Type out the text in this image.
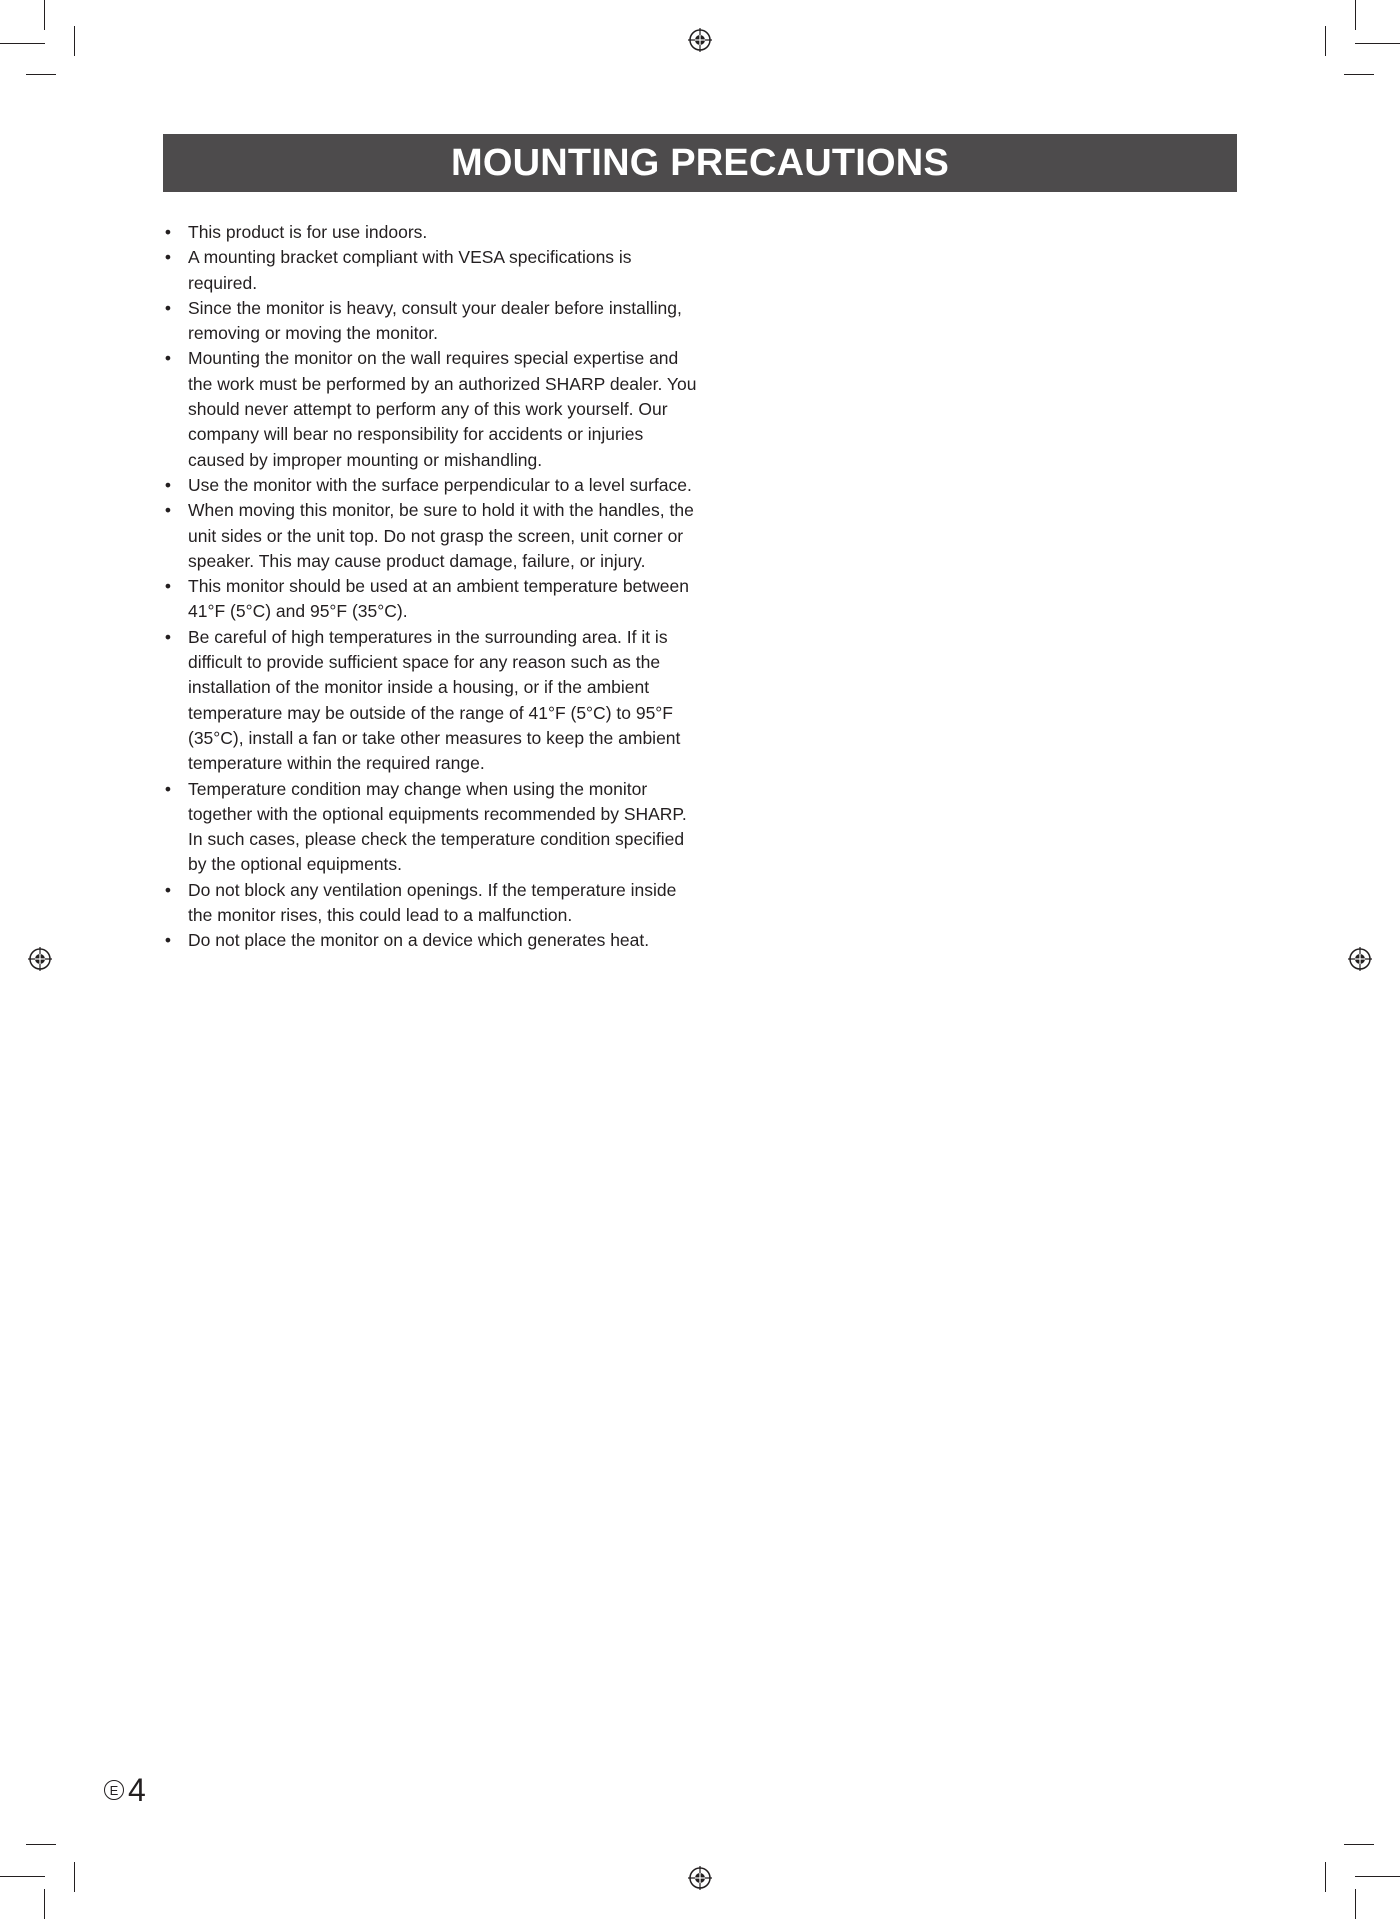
MOUNTING PRECAUTIONS
• This product is for use indoors.
• A mounting bracket compliant with VESA specifications is required.
• Since the monitor is heavy, consult your dealer before installing, removing or moving the monitor.
• Mounting the monitor on the wall requires special expertise and the work must be performed by an authorized SHARP dealer. You should never attempt to perform any of this work yourself. Our company will bear no responsibility for accidents or injuries caused by improper mounting or mishandling.
• Use the monitor with the surface perpendicular to a level surface.
• When moving this monitor, be sure to hold it with the handles, the unit sides or the unit top. Do not grasp the screen, unit corner or speaker. This may cause product damage, failure, or injury.
• This monitor should be used at an ambient temperature between 41°F (5°C) and 95°F (35°C).
• Be careful of high temperatures in the surrounding area. If it is difficult to provide sufficient space for any reason such as the installation of the monitor inside a housing, or if the ambient temperature may be outside of the range of 41°F (5°C) to 95°F (35°C), install a fan or take other measures to keep the ambient temperature within the required range.
• Temperature condition may change when using the monitor together with the optional equipments recommended by SHARP. In such cases, please check the temperature condition specified by the optional equipments.
• Do not block any ventilation openings. If the temperature inside the monitor rises, this could lead to a malfunction.
• Do not place the monitor on a device which generates heat.
E 4
